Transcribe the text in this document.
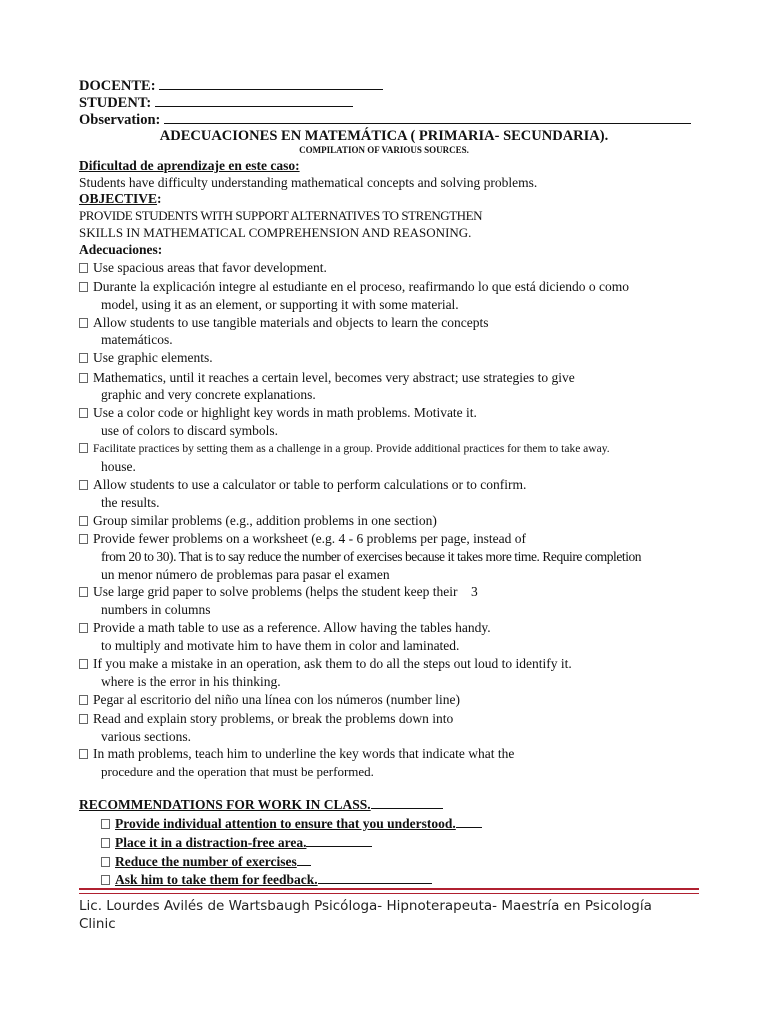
DOCENTE:
STUDENT:
Observation:
ADECUACIONES EN MATEMÁTICA ( PRIMARIA- SECUNDARIA).
COMPILATION OF VARIOUS SOURCES.
Dificultad de aprendizaje en este caso:
Students have difficulty understanding mathematical concepts and solving problems.
OBJECTIVE:
PROVIDE STUDENTS WITH SUPPORT ALTERNATIVES TO STRENGTHEN
SKILLS IN MATHEMATICAL COMPREHENSION AND REASONING.
Adecuaciones:
Use spacious areas that favor development.
Durante la explicación integre al estudiante en el proceso, reafirmando lo que está diciendo o como
model, using it as an element, or supporting it with some material.
Allow students to use tangible materials and objects to learn the concepts
matemáticos.
Use graphic elements.
Mathematics, until it reaches a certain level, becomes very abstract; use strategies to give
graphic and very concrete explanations.
Use a color code or highlight key words in math problems. Motivate it.
use of colors to discard symbols.
Facilitate practices by setting them as a challenge in a group. Provide additional practices for them to take away.
house.
Allow students to use a calculator or table to perform calculations or to confirm.
the results.
Group similar problems (e.g., addition problems in one section)
Provide fewer problems on a worksheet (e.g. 4 - 6 problems per page, instead of
from 20 to 30). That is to say reduce the number of exercises because it takes more time. Require completion
un menor número de problemas para pasar el examen
Use large grid paper to solve problems (helps the student keep their    3
numbers in columns
Provide a math table to use as a reference. Allow having the tables handy.
to multiply and motivate him to have them in color and laminated.
If you make a mistake in an operation, ask them to do all the steps out loud to identify it.
where is the error in his thinking.
Pegar al escritorio del niño una línea con los números (number line)
Read and explain story problems, or break the problems down into
various sections.
In math problems, teach him to underline the key words that indicate what the
procedure and the operation that must be performed.
RECOMMENDATIONS FOR WORK IN CLASS.
Provide individual attention to ensure that you understood.
Place it in a distraction-free area.
Reduce the number of exercises
Ask him to take them for feedback.
Lic. Lourdes Avilés de Wartsbaugh Psicóloga- Hipnoterapeuta- Maestría en Psicología
Clinic
